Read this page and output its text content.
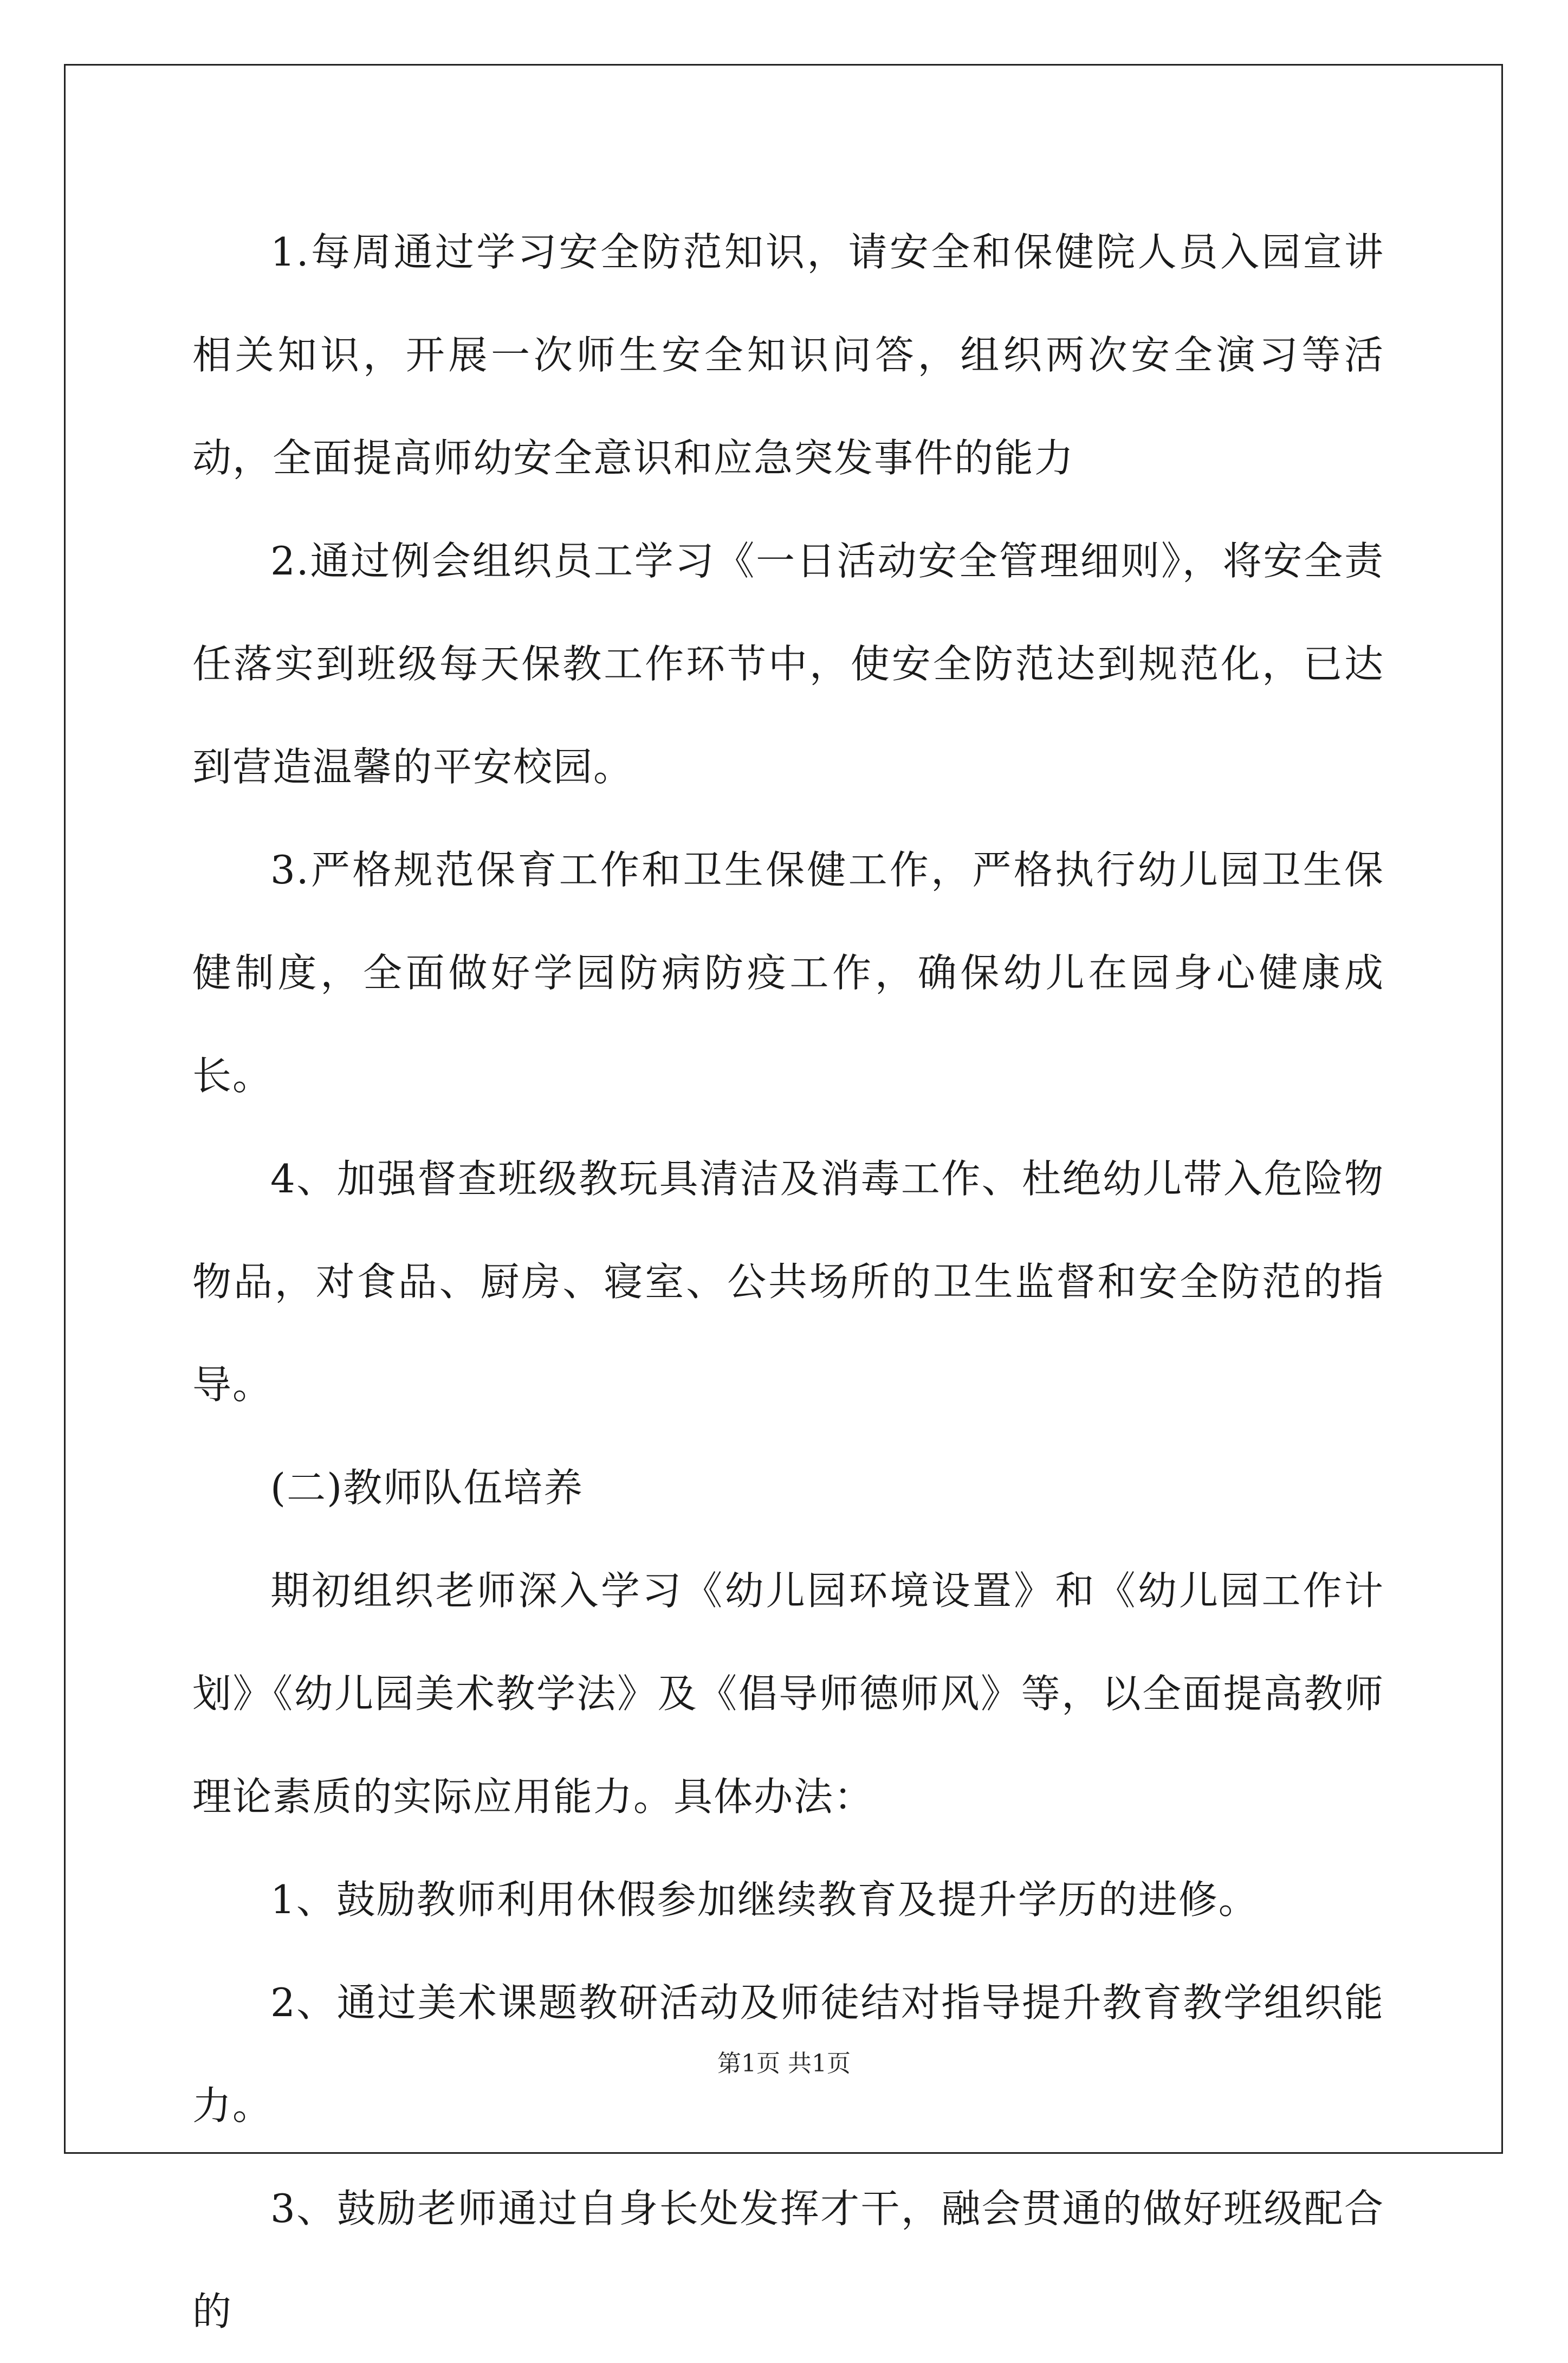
1.每周通过学习安全防范知识，请安全和保健院人员入园宣讲相关知识，开展一次师生安全知识问答，组织两次安全演习等活动，全面提高师幼安全意识和应急突发事件的能力

2.通过例会组织员工学习《一日活动安全管理细则》，将安全责任落实到班级每天保教工作环节中，使安全防范达到规范化，已达到营造温馨的平安校园。

3.严格规范保育工作和卫生保健工作，严格执行幼儿园卫生保健制度，全面做好学园防病防疫工作，确保幼儿在园身心健康成长。

4、加强督查班级教玩具清洁及消毒工作、杜绝幼儿带入危险物物品，对食品、厨房、寝室、公共场所的卫生监督和安全防范的指导。

(二)教师队伍培养

期初组织老师深入学习《幼儿园环境设置》和《幼儿园工作计划》《幼儿园美术教学法》及《倡导师德师风》等，以全面提高教师理论素质的实际应用能力。具体办法：

1、鼓励教师利用休假参加继续教育及提升学历的进修。

2、通过美术课题教研活动及师徒结对指导提升教育教学组织能力。

3、鼓励老师通过自身长处发挥才干，融会贯通的做好班级配合的

第1页 共1页
